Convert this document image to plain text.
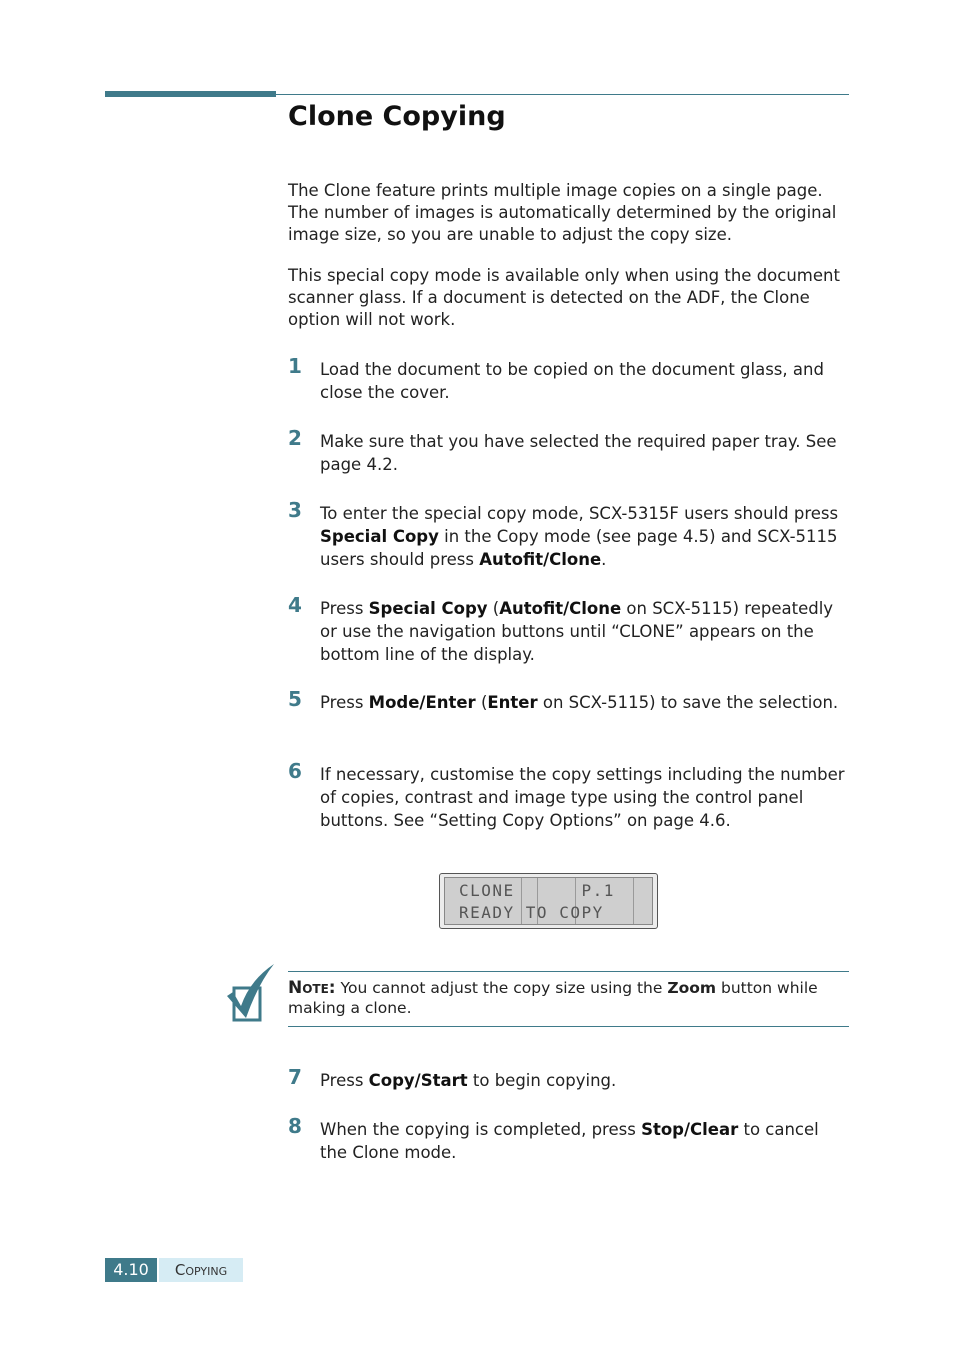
Clone Copying

The Clone feature prints multiple image copies on a single page. The number of images is automatically determined by the original image size, so you are unable to adjust the copy size.

This special copy mode is available only when using the document scanner glass. If a document is detected on the ADF, the Clone option will not work.

1 Load the document to be copied on the document glass, and close the cover.

2 Make sure that you have selected the required paper tray. See page 4.2.

3 To enter the special copy mode, SCX-5315F users should press Special Copy in the Copy mode (see page 4.5) and SCX-5115 users should press Autofit/Clone.

4 Press Special Copy (Autofit/Clone on SCX-5115) repeatedly or use the navigation buttons until “CLONE” appears on the bottom line of the display.

5 Press Mode/Enter (Enter on SCX-5115) to save the selection.

6 If necessary, customise the copy settings including the number of copies, contrast and image type using the control panel buttons. See “Setting Copy Options” on page 4.6.

CLONE      P.1
READY TO COPY

Note: You cannot adjust the copy size using the Zoom button while making a clone.

7 Press Copy/Start to begin copying.

8 When the copying is completed, press Stop/Clear to cancel the Clone mode.

4.10	Copying
